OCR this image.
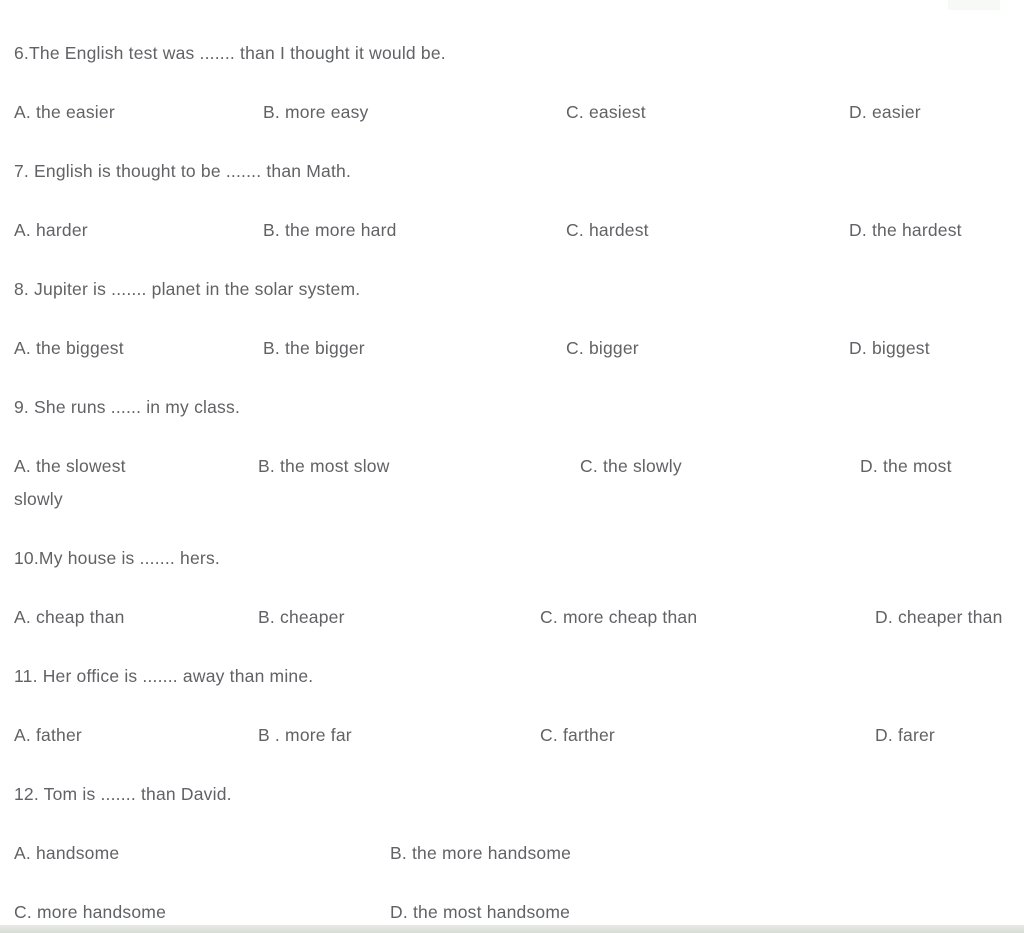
6.The English test was ....... than I thought it would be.

A. the easier	B. more easy	C. easiest	D. easier

7. English is thought to be ....... than Math.

A. harder	B. the more hard	C. hardest	D. the hardest

8. Jupiter is ....... planet in the solar system.

A. the biggest	B. the bigger	C. bigger	D. biggest

9. She runs ...... in my class.

A. the slowest	B. the most slow	C. the slowly	D. the most
slowly

10.My house is ....... hers.

A. cheap than	B. cheaper	C. more cheap than	D. cheaper than

11. Her office is ....... away than mine.

A. father	B . more far	C. farther	D. farer

12. Tom is ....... than David.

A. handsome	B. the more handsome

C. more handsome	D. the most handsome
